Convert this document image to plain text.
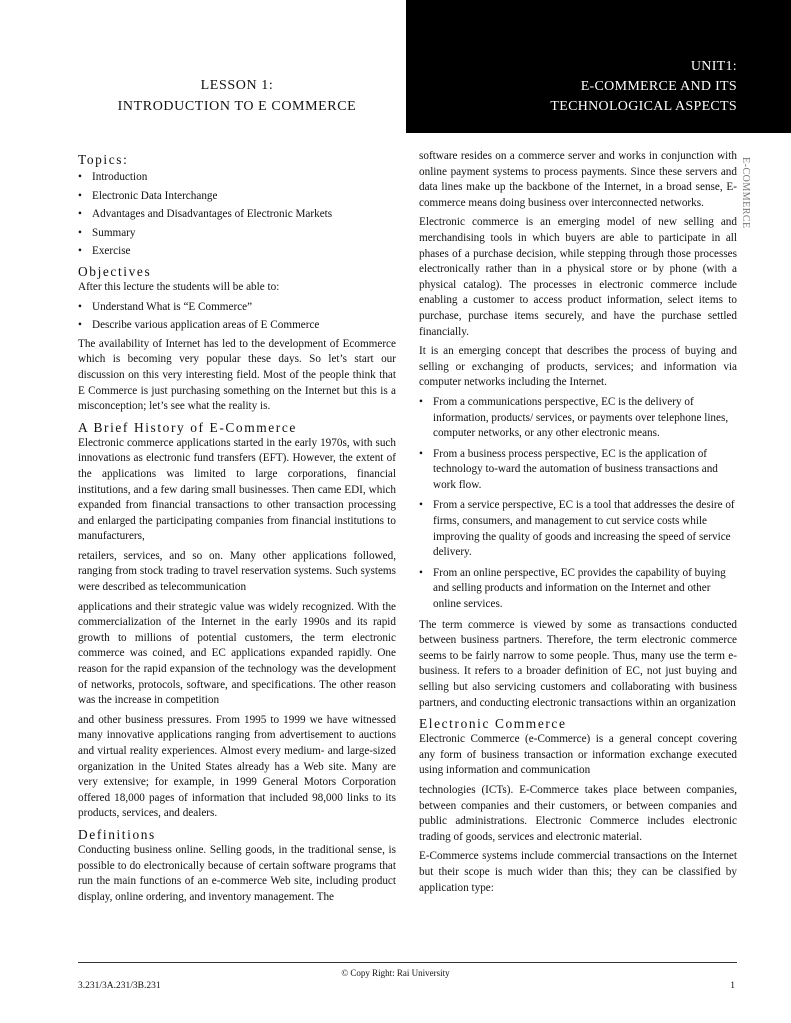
LESSON 1:
INTRODUCTION TO E COMMERCE
UNIT1:
E-COMMERCE AND ITS
TECHNOLOGICAL ASPECTS
E-COMMERCE
Topics:
• Introduction
• Electronic Data Interchange
• Advantages and Disadvantages of Electronic Markets
• Summary
• Exercise
Objectives

After this lecture the students will be able to:

• Understand What is “E Commerce”
• Describe various application areas of E Commerce

The availability of Internet has led to the development of Ecommerce which is becoming very popular these days. So let’s start our discussion on this very interesting field. Most of the people think that E Commerce is just purchasing something on the Internet but this is a misconception; let’s see what the reality is.

A Brief History of E-Commerce

Electronic commerce applications started in the early 1970s, with such innovations as electronic fund transfers (EFT). However, the extent of the applications was limited to large corporations, financial institutions, and a few daring small businesses. Then came EDI, which expanded from financial transactions to other transaction processing and enlarged the participating companies from financial institutions to manufacturers,

retailers, services, and so on. Many other applications followed, ranging from stock trading to travel reservation systems. Such systems were described as telecommunication

applications and their strategic value was widely recognized. With the commercialization of the Internet in the early 1990s and its rapid growth to millions of potential customers, the term electronic commerce was coined, and EC applications expanded rapidly. One reason for the rapid expansion of the technology was the development of networks, protocols, software, and specifications. The other reason was the increase in competition

and other business pressures. From 1995 to 1999 we have witnessed many innovative applications ranging from advertisement to auctions and virtual reality experiences. Almost every medium- and large-sized organization in the United States already has a Web site. Many are very extensive; for example, in 1999 General Motors Corporation offered 18,000 pages of information that included 98,000 links to its products, services, and dealers.

Definitions

Conducting business online. Selling goods, in the traditional sense, is possible to do electronically because of certain software programs that run the main functions of an e-commerce Web site, including product display, online ordering, and inventory management. The

software resides on a commerce server and works in conjunction with online payment systems to process payments. Since these servers and data lines make up the backbone of the Internet, in a broad sense, E-commerce means doing business over interconnected networks.

Electronic commerce is an emerging model of new selling and merchandising tools in which buyers are able to participate in all phases of a purchase decision, while stepping through those processes electronically rather than in a physical store or by phone (with a physical catalog). The processes in electronic commerce include enabling a customer to access product information, select items to purchase, purchase items securely, and have the purchase settled financially.

It is an emerging concept that describes the process of buying and selling or exchanging of products, services; and information via computer networks including the Internet.

• From a communications perspective, EC is the delivery of information, products/ services, or payments over telephone lines, computer networks, or any other electronic means.
• From a business process perspective, EC is the application of technology to-ward the automation of business transactions and work flow.
• From a service perspective, EC is a tool that addresses the desire of firms, consumers, and management to cut service costs while improving the quality of goods and increasing the speed of service delivery.
• From an online perspective, EC provides the capability of buying and selling products and information on the Internet and other online services.

The term commerce is viewed by some as transactions conducted between business partners. Therefore, the term electronic commerce seems to be fairly narrow to some people. Thus, many use the term e-business. It refers to a broader definition of EC, not just buying and selling but also servicing customers and collaborating with business partners, and conducting electronic transactions within an organization

Electronic Commerce

Electronic Commerce (e-Commerce) is a general concept covering any form of business transaction or information exchange executed using information and communication

technologies (ICTs). E-Commerce takes place between companies, between companies and their customers, or between companies and public administrations. Electronic Commerce includes electronic trading of goods, services and electronic material.

E-Commerce systems include commercial transactions on the Internet but their scope is much wider than this; they can be classified by application type:

© Copy Right: Rai University
3.231/3A.231/3B.231	1
